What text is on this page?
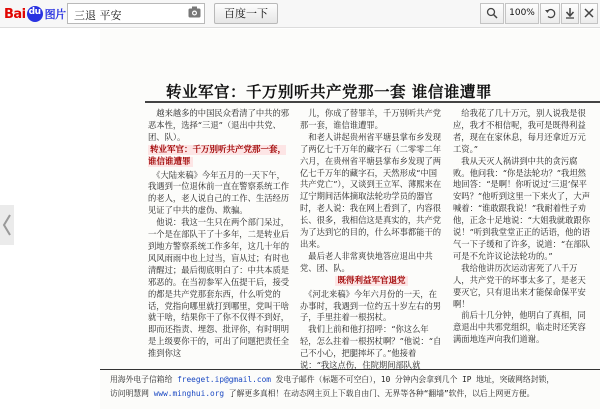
Bai
du 图片 三退 平安	百度一下	100%
转业军官：千万别听共产党那一套 谁信谁遭罪

　越来越多的中国民众看清了中共的邪恶本性，选择“三退”（退出中共党、团、队）。

转业军官：千万别听共产党那一套，谁信谁遭罪

　《大陆来稿》今年五月的一天下午，我遇到一位退休前一直在警察系统工作的老人，老人说自己的工作、生活经历见证了中共的虚伪、欺骗。

　他说：我这一生只在两个部门呆过，一个是在部队干了十多年，二是转业后到地方警察系统工作多年，这几十年的风风雨雨中也上过当，盲从过；有时也清醒过；最后彻底明白了：中共本质是邪恶的。在当初参军入伍提干后，接受的都是共产党那套东西，什么听党的话，党指向哪里就打到哪里，党叫干啥就干啥，结果你干了你不仅得不到好，即而还指责、埋怨、批评你，有时明明是上级要你干的，可出了问题把责任全推到你这

　儿，你成了替罪羊，千万别听共产党那一套，谁信谁遭罪。

　和老人讲起贵州省平塘县掌布乡发现了两亿七千万年的藏字石（二零零二年六月，在贵州省平塘县掌布乡发现了两亿七千万年的藏字石，天然形成“中国共产党亡”），又谈到王立军、薄熙来在辽宁期间活体摘取法轮功学员的器官时，老人说：我在网上看到了，内容很长、很多，我相信这是真实的，共产党为了达到它的目的，什么坏事都能干的出来。

　最后老人非常爽快地答应退出中共党、团、队。

既得利益军官退党

　《河北来稿》今年六月份的一天，在办事时，我遇到一位约五十岁左右的男子，手里拄着一根拐杖。

　我们上前和他打招呼：“你这么年轻，怎么拄着一根拐杖啊？”他说：“自己不小心，把腿摔坏了。”他接着说：“我这点伤，住院期间部队就

　给我花了几十万元，别人说我是很应，我才不相信呢，我可是既得利益者，现在在家休息，每月还拿近万元工资。”

　我从天灭人祸讲到中共的贪污腐败。他问我：“你是法轮功？”我坦然地回答：“是啊！你听说过‘三退’保平安吗？”他听到这里一下来火了，大声喊着：“谁敢跟我说！”我耐着性子劝他，正念十足地说：“大姐我就敢跟你说！”听到我堂堂正正的话语，他的语气一下子缓和了许多，说道：“在部队可是不允许议论法轮功的。”

　我给他讲历次运动害死了八千万人，共产党干的坏事太多了，是老天要灭它，只有退出来才能保命保平安啊！

　前后十几分钟，他明白了真相，同意退出中共邪党组织，临走时还笑容满面地连声向我们道谢。

用海外电子信箱给 freeget.ip@gmail.com 发电子邮件（标题不可空白），10 分钟内会拿到几个 IP 地址，突破网络封锁，
访问明慧网 www.minghui.org 了解更多真相！在动态网主页上下载自由门、无界等各种“翻墙”软件，以后上网更方便。
